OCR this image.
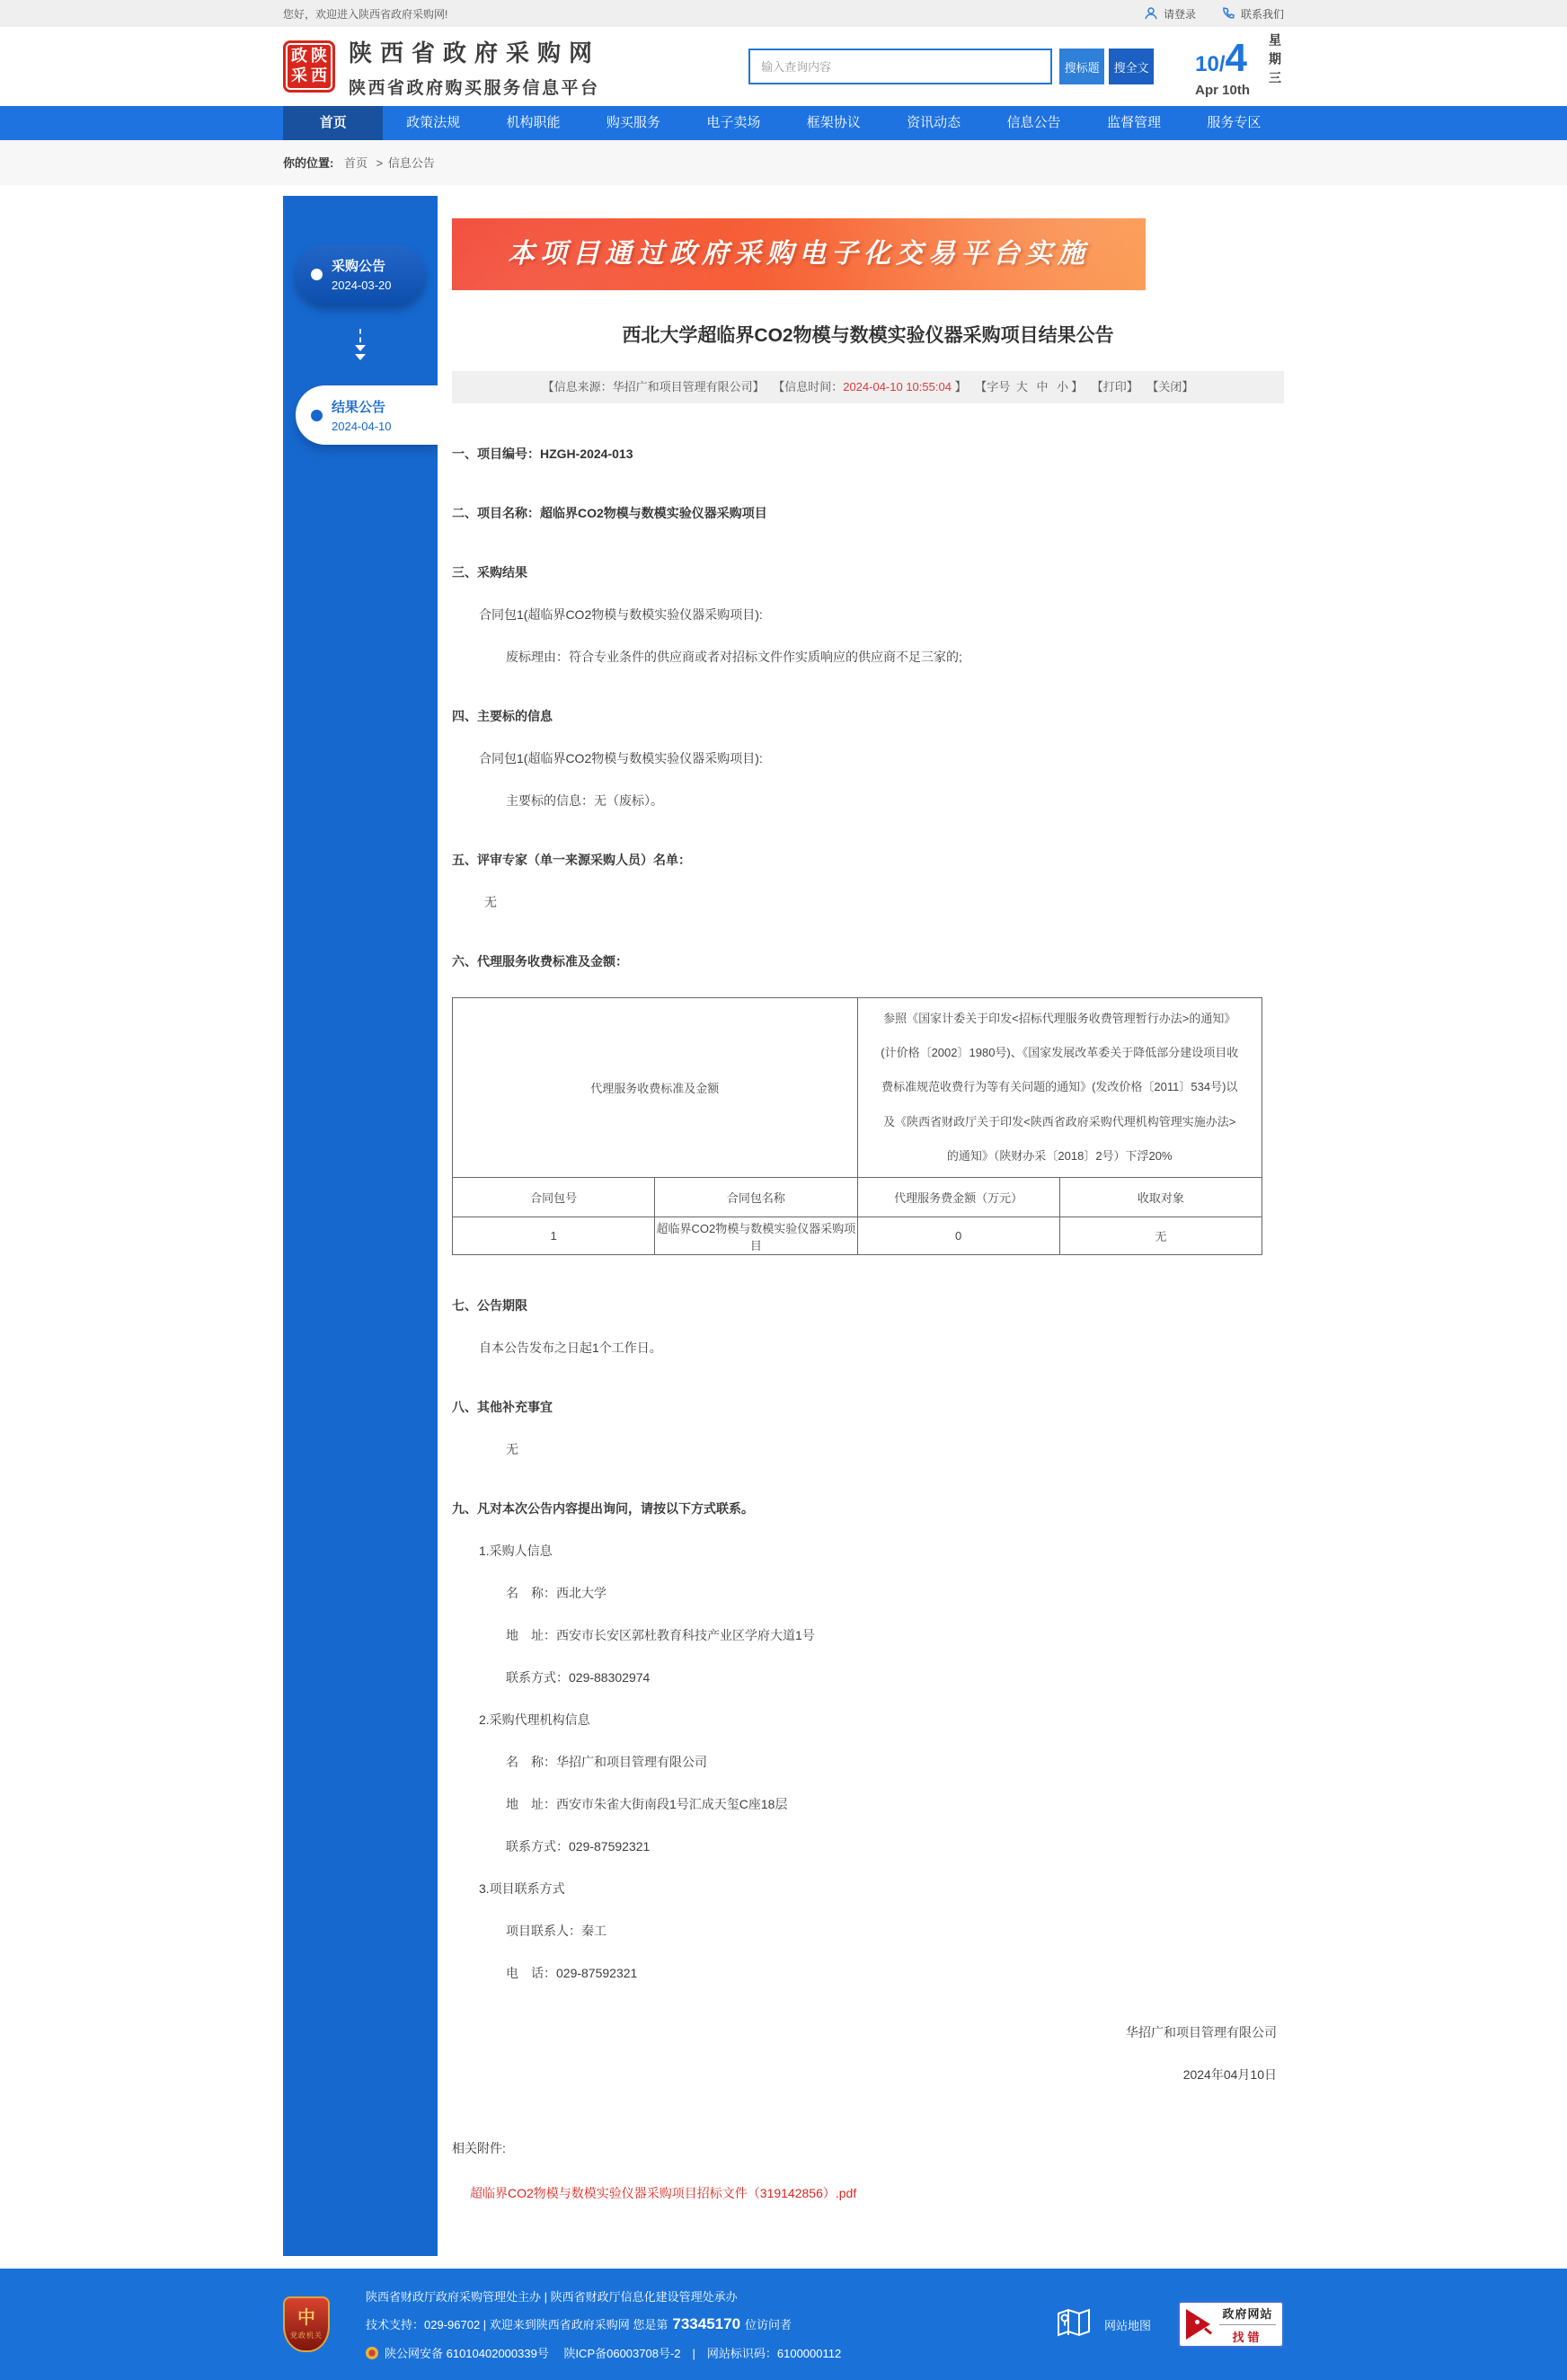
您好，欢迎进入陕西省政府采购网!	请登录	联系我们
政 陕
采 西
陕西省政府采购网
陕西省政府购买服务信息平台
输入查询内容
搜标题	搜全文 10/4
Apr 10th 星期三
首页	政策法规	机构职能	购买服务	电子卖场	框架协议	资讯动态	信息公告	监督管理	服务专区
你的位置: 首页 > 信息公告
采购公告
2024-03-20
结果公告
2024-04-10
本项目通过政府采购电子化交易平台实施
西北大学超临界CO2物模与数模实验仪器采购项目结果公告
【信息来源：华招广和项目管理有限公司】 【信息时间：2024-04-10 10:55:04 】 【字号 大 中 小 】 【打印】 【关闭】

一、项目编号：HZGH-2024-013

二、项目名称：超临界CO2物模与数模实验仪器采购项目

三、采购结果

合同包1(超临界CO2物模与数模实验仪器采购项目):

废标理由：符合专业条件的供应商或者对招标文件作实质响应的供应商不足三家的;

四、主要标的信息

合同包1(超临界CO2物模与数模实验仪器采购项目):

主要标的信息：无（废标）。

五、评审专家（单一来源采购人员）名单：

无

六、代理服务收费标准及金额：

代理服务收费标准及金额		参照《国家计委关于印发<招标代理服务收费管理暂行办法>的通知》(计价格〔2002〕1980号)、《国家发展改革委关于降低部分建设项目收费标准规范收费行为等有关问题的通知》(发改价格〔2011〕534号)以及《陕西省财政厅关于印发<陕西省政府采购代理机构管理实施办法>的通知》（陕财办采〔2018〕2号）下浮20%	

合同包号	合同包名称	代理服务费金额（万元）	收取对象
1	超临界CO2物模与数模实验仪器采购项目	0	无

七、公告期限

自本公告发布之日起1个工作日。

八、其他补充事宜

无

九、凡对本次公告内容提出询问，请按以下方式联系。

1.采购人信息

名　称：西北大学

地　址：西安市长安区郭杜教育科技产业区学府大道1号

联系方式：029-88302974

2.采购代理机构信息

名　称：华招广和项目管理有限公司

地　址：西安市朱雀大街南段1号汇成天玺C座18层

联系方式：029-87592321

3.项目联系方式

项目联系人：秦工

电　话：029-87592321

华招广和项目管理有限公司

2024年04月10日

相关附件:
超临界CO2物模与数模实验仪器采购项目招标文件（319142856）.pdf
中
党政机关
陕西省财政厅政府采购管理处主办 | 陕西省财政厅信息化建设管理处承办
技术支持：029-96702 | 欢迎来到陕西省政府采购网 您是第 73345170 位访问者
陕公网安备 61010402000339号　 陕ICP备06003708号-2　|　网站标识码：6100000112
网站地图
政府网站
找错
